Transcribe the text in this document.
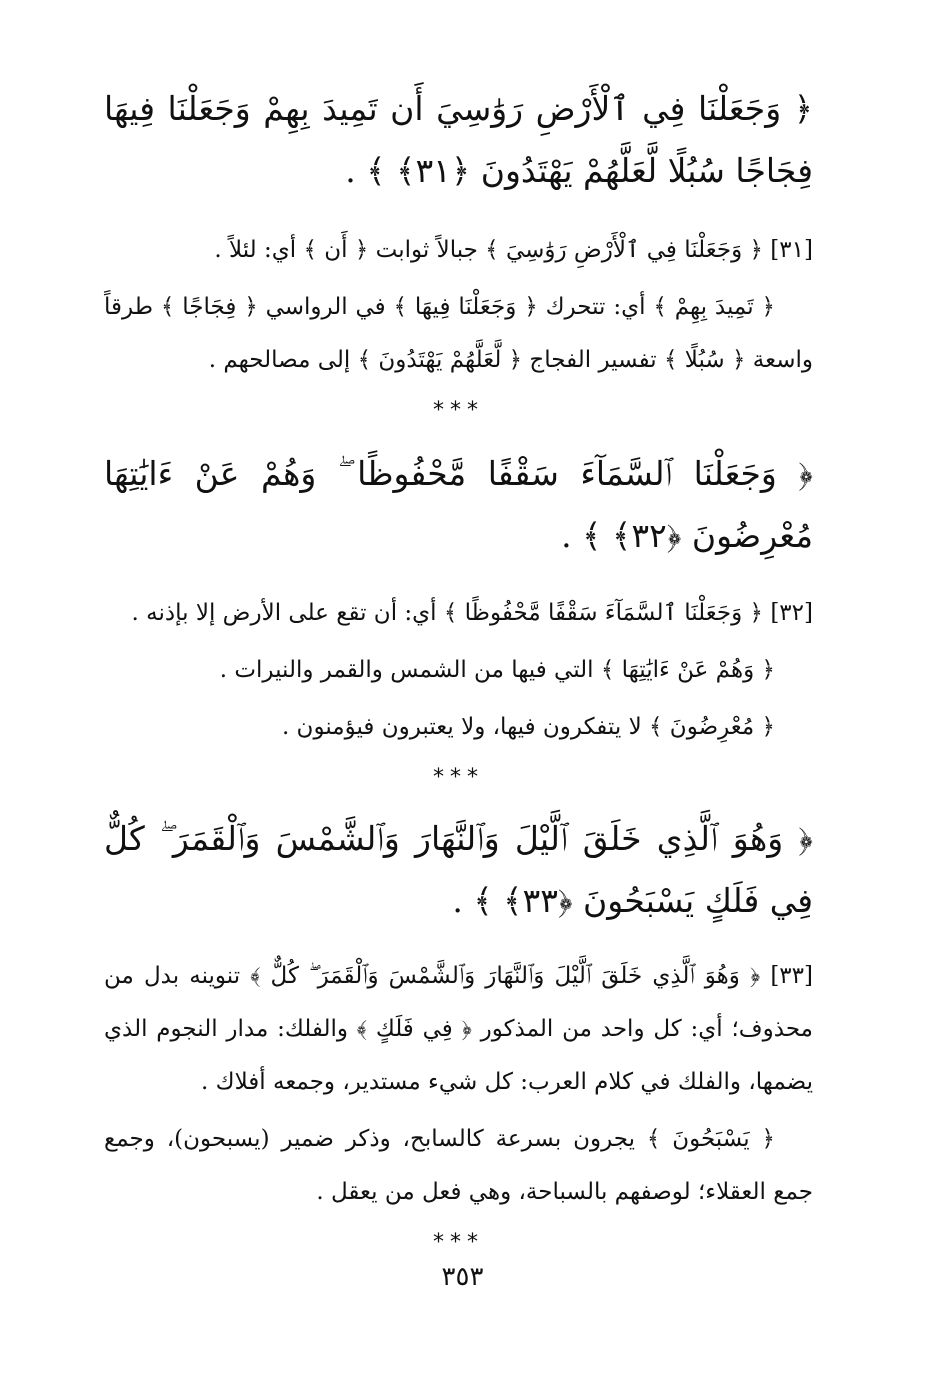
﴿ وَجَعَلْنَا فِي ٱلْأَرْضِ رَوَٰسِيَ أَن تَمِيدَ بِهِمْ وَجَعَلْنَا فِيهَا فِجَاجًا سُبُلًا لَّعَلَّهُمْ يَهْتَدُونَ ﴿٣١﴾ ﴾ .

[٣١] ﴿ وَجَعَلْنَا فِي ٱلْأَرْضِ رَوَٰسِيَ ﴾ جبالاً ثوابت ﴿ أَن ﴾ أي: لئلاً .

﴿ تَمِيدَ بِهِمْ ﴾ أي: تتحرك ﴿ وَجَعَلْنَا فِيهَا ﴾ في الرواسي ﴿ فِجَاجًا ﴾ طرقاً واسعة ﴿ سُبُلًا ﴾ تفسير الفجاج ﴿ لَّعَلَّهُمْ يَهْتَدُونَ ﴾ إلى مصالحهم .

***

﴿ وَجَعَلْنَا ٱلسَّمَآءَ سَقْفًا مَّحْفُوظًا ۖ وَهُمْ عَنْ ءَايَٰتِهَا مُعْرِضُونَ ﴿٣٢﴾ ﴾ .

[٣٢] ﴿ وَجَعَلْنَا ٱلسَّمَآءَ سَقْفًا مَّحْفُوظًا ﴾ أي: أن تقع على الأرض إلا بإذنه .

﴿ وَهُمْ عَنْ ءَايَٰتِهَا ﴾ التي فيها من الشمس والقمر والنيرات .

﴿ مُعْرِضُونَ ﴾ لا يتفكرون فيها، ولا يعتبرون فيؤمنون .

***

﴿ وَهُوَ ٱلَّذِي خَلَقَ ٱلَّيْلَ وَٱلنَّهَارَ وَٱلشَّمْسَ وَٱلْقَمَرَ ۖ كُلٌّ فِي فَلَكٍ يَسْبَحُونَ ﴿٣٣﴾ ﴾ .

[٣٣] ﴿ وَهُوَ ٱلَّذِي خَلَقَ ٱلَّيْلَ وَٱلنَّهَارَ وَٱلشَّمْسَ وَٱلْقَمَرَ ۖ كُلٌّ ﴾ تنوينه بدل من محذوف؛ أي: كل واحد من المذكور ﴿ فِي فَلَكٍ ﴾ والفلك: مدار النجوم الذي يضمها، والفلك في كلام العرب: كل شيء مستدير، وجمعه أفلاك .

﴿ يَسْبَحُونَ ﴾ يجرون بسرعة كالسابح، وذكر ضمير (يسبحون)، وجمع جمع العقلاء؛ لوصفهم بالسباحة، وهي فعل من يعقل .

***
٣٥٣
